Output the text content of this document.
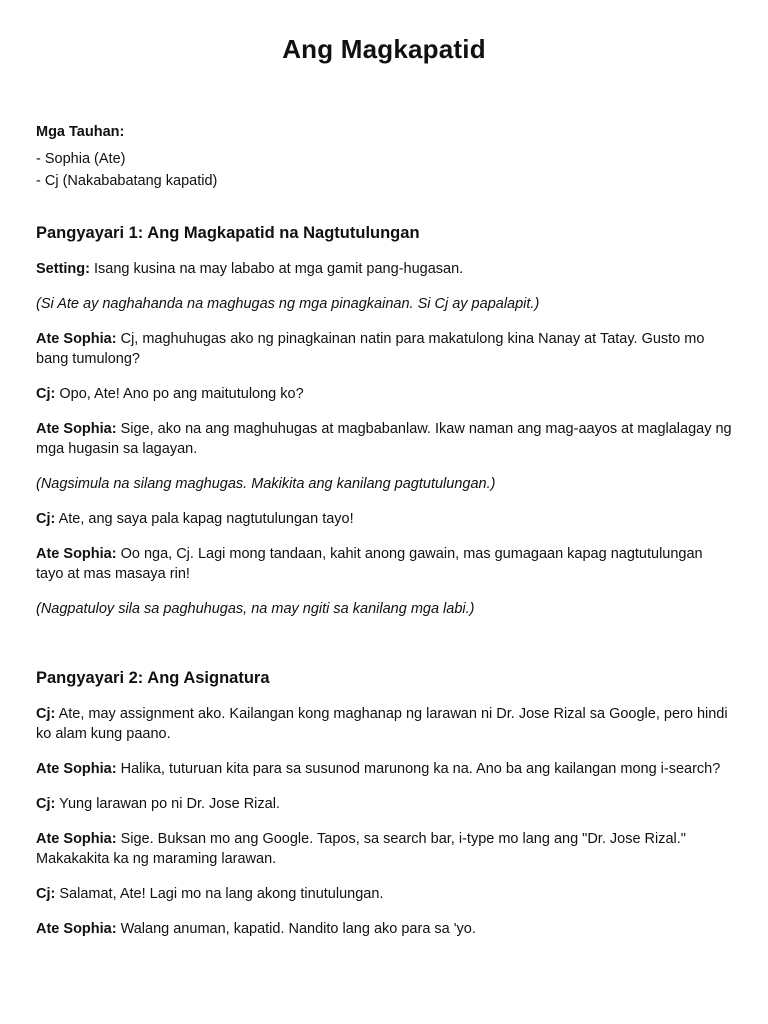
Ang Magkapatid

Mga Tauhan:

- Sophia (Ate)
- Cj (Nakababatang kapatid)
Pangyayari 1: Ang Magkapatid na Nagtutulungan

Setting: Isang kusina na may lababo at mga gamit pang-hugasan.

(Si Ate ay naghahanda na maghugas ng mga pinagkainan. Si Cj ay papalapit.)

Ate Sophia: Cj, maghuhugas ako ng pinagkainan natin para makatulong kina Nanay at Tatay. Gusto mo bang tumulong?

Cj: Opo, Ate! Ano po ang maitutulong ko?

Ate Sophia: Sige, ako na ang maghuhugas at magbabanlaw. Ikaw naman ang mag-aayos at maglalagay ng mga hugasin sa lagayan.

(Nagsimula na silang maghugas. Makikita ang kanilang pagtutulungan.)

Cj: Ate, ang saya pala kapag nagtutulungan tayo!

Ate Sophia: Oo nga, Cj. Lagi mong tandaan, kahit anong gawain, mas gumagaan kapag nagtutulungan tayo at mas masaya rin!

(Nagpatuloy sila sa paghuhugas, na may ngiti sa kanilang mga labi.)

Pangyayari 2: Ang Asignatura

Cj: Ate, may assignment ako. Kailangan kong maghanap ng larawan ni Dr. Jose Rizal sa Google, pero hindi ko alam kung paano.

Ate Sophia: Halika, tuturuan kita para sa susunod marunong ka na. Ano ba ang kailangan mong i-search?

Cj: Yung larawan po ni Dr. Jose Rizal.

Ate Sophia: Sige. Buksan mo ang Google. Tapos, sa search bar, i-type mo lang ang "Dr. Jose Rizal." Makakakita ka ng maraming larawan.

Cj: Salamat, Ate! Lagi mo na lang akong tinutulungan.

Ate Sophia: Walang anuman, kapatid. Nandito lang ako para sa 'yo.
